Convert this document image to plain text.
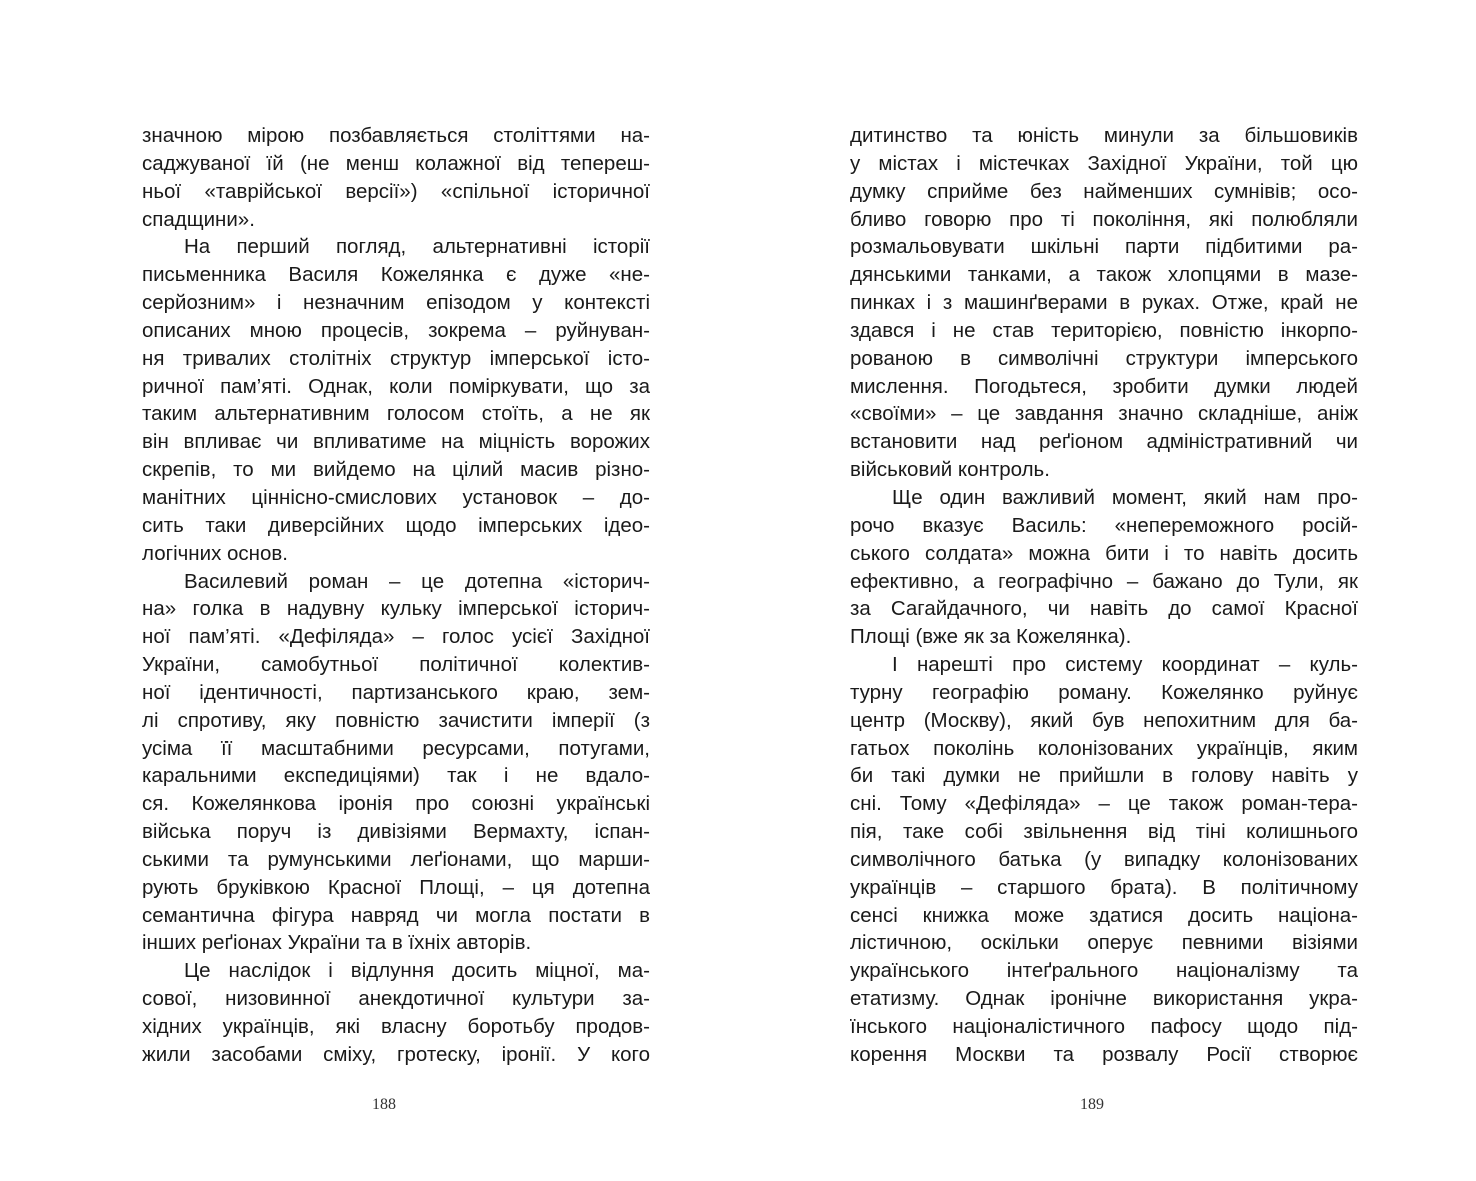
значною мірою позбавляється століттями на-
саджуваної їй (не менш колажної від тепереш-
ньої «таврійської версії») «спільної історичної
спадщини».
На перший погляд, альтернативні історії
письменника Василя Кожелянка є дуже «не-
серйозним» і незначним епізодом у контексті
описаних мною процесів, зокрема – руйнуван-
ня тривалих столітніх структур імперської істо-
ричної пам’яті. Однак, коли поміркувати, що за
таким альтернативним голосом стоїть, а не як
він впливає чи впливатиме на міцність ворожих
скрепів, то ми вийдемо на цілий масив різно-
манітних ціннісно-смислових установок – до-
сить таки диверсійних щодо імперських ідео-
логічних основ.
Василевий роман – це дотепна «історич-
на» голка в надувну кульку імперської історич-
ної пам’яті. «Дефіляда» – голос усієї Західної
України, самобутньої політичної колектив-
ної ідентичності, партизанського краю, зем-
лі спротиву, яку повністю зачистити імперії (з
усіма її масштабними ресурсами, потугами,
каральними експедиціями) так і не вдало-
ся. Кожелянкова іронія про союзні українські
війська поруч із дивізіями Вермахту, іспан-
ськими та румунськими леґіонами, що марши-
рують бруківкою Красної Площі, – ця дотепна
семантична фігура навряд чи могла постати в
інших реґіонах України та в їхніх авторів.
Це наслідок і відлуння досить міцної, ма-
сової, низовинної анекдотичної культури за-
хідних українців, які власну боротьбу продов-
жили засобами сміху, гротеску, іронії. У кого
дитинство та юність минули за більшовиків
у містах і містечках Західної України, той цю
думку сприйме без найменших сумнівів; осо-
бливо говорю про ті покоління, які полюбляли
розмальовувати шкільні парти підбитими ра-
дянськими танками, а також хлопцями в мазе-
пинках і з машинґверами в руках. Отже, край не
здався і не став територією, повністю інкорпо-
рованою в символічні структури імперського
мислення. Погодьтеся, зробити думки людей
«своїми» – це завдання значно складніше, аніж
встановити над реґіоном адміністративний чи
військовий контроль.
Ще один важливий момент, який нам про-
рочо вказує Василь: «непереможного росій-
ського солдата» можна бити і то навіть досить
ефективно, а географічно – бажано до Тули, як
за Сагайдачного, чи навіть до самої Красної
Площі (вже як за Кожелянка).
І нарешті про систему координат – куль-
турну географію роману. Кожелянко руйнує
центр (Москву), який був непохитним для ба-
гатьох поколінь колонізованих українців, яким
би такі думки не прийшли в голову навіть у
сні. Тому «Дефіляда» – це також роман-тера-
пія, таке собі звільнення від тіні колишнього
символічного батька (у випадку колонізованих
українців – старшого брата). В політичному
сенсі книжка може здатися досить націона-
лістичною, оскільки оперує певними візіями
українського інтеґрального націоналізму та
етатизму. Однак іронічне використання укра-
їнського націоналістичного пафосу щодо під-
корення Москви та розвалу Росії створює
188	189
